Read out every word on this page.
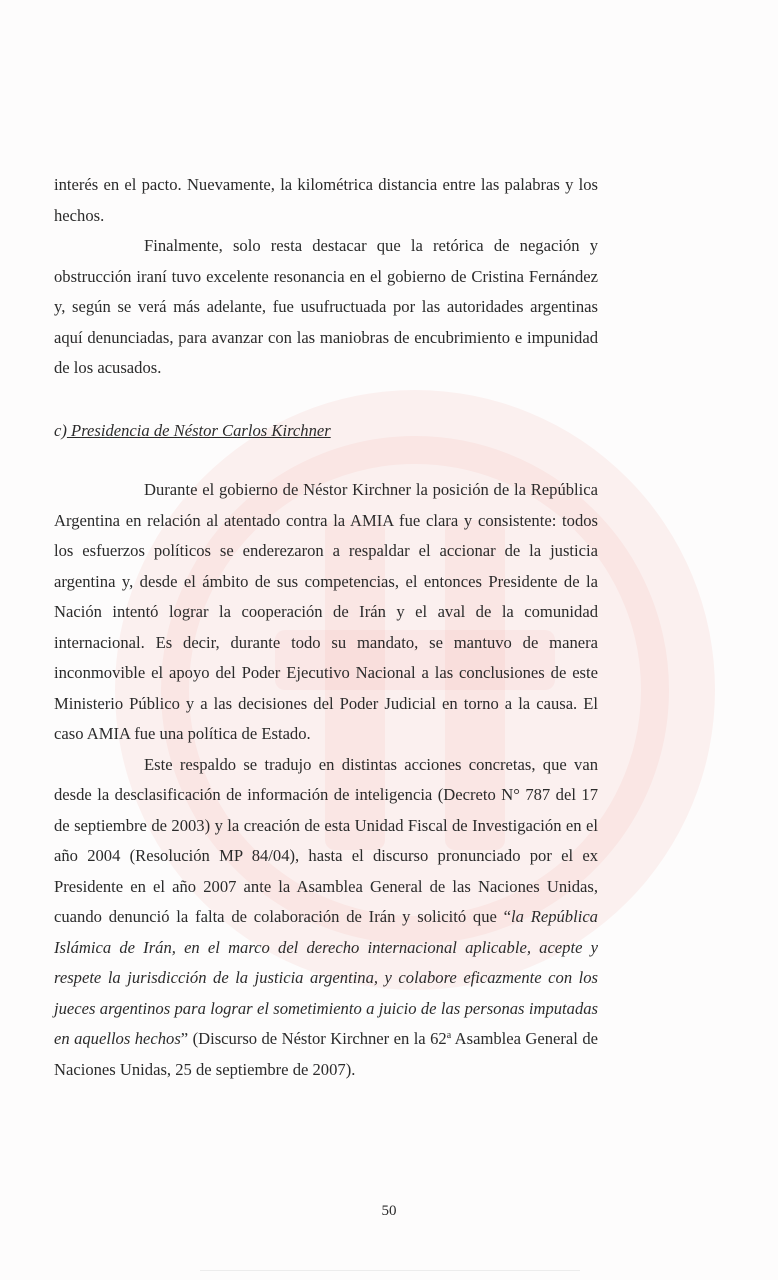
interés en el pacto. Nuevamente, la kilométrica distancia entre las palabras y los hechos.

Finalmente, solo resta destacar que la retórica de negación y obstrucción iraní tuvo excelente resonancia en el gobierno de Cristina Fernández y, según se verá más adelante, fue usufructuada por las autoridades argentinas aquí denunciadas, para avanzar con las maniobras de encubrimiento e impunidad de los acusados.

c) Presidencia de Néstor Carlos Kirchner

Durante el gobierno de Néstor Kirchner la posición de la República Argentina en relación al atentado contra la AMIA fue clara y consistente: todos los esfuerzos políticos se enderezaron a respaldar el accionar de la justicia argentina y, desde el ámbito de sus competencias, el entonces Presidente de la Nación intentó lograr la cooperación de Irán y el aval de la comunidad internacional. Es decir, durante todo su mandato, se mantuvo de manera inconmovible el apoyo del Poder Ejecutivo Nacional a las conclusiones de este Ministerio Público y a las decisiones del Poder Judicial en torno a la causa. El caso AMIA fue una política de Estado.

Este respaldo se tradujo en distintas acciones concretas, que van desde la desclasificación de información de inteligencia (Decreto N° 787 del 17 de septiembre de 2003) y la creación de esta Unidad Fiscal de Investigación en el año 2004 (Resolución MP 84/04), hasta el discurso pronunciado por el ex Presidente en el año 2007 ante la Asamblea General de las Naciones Unidas, cuando denunció la falta de colaboración de Irán y solicitó que “la República Islámica de Irán, en el marco del derecho internacional aplicable, acepte y respete la jurisdicción de la justicia argentina, y colabore eficazmente con los jueces argentinos para lograr el sometimiento a juicio de las personas imputadas en aquellos hechos” (Discurso de Néstor Kirchner en la 62$^a$ Asamblea General de Naciones Unidas, 25 de septiembre de 2007).

50
